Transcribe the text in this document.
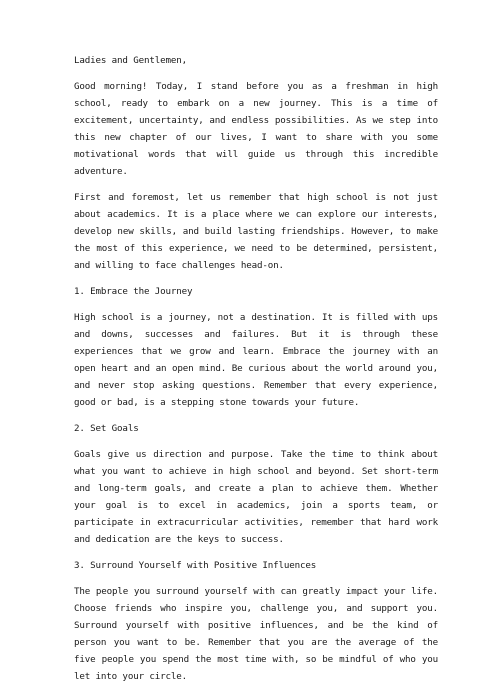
Ladies and Gentlemen,

Good morning! Today, I stand before you as a freshman in high school, ready to embark on a new journey. This is a time of excitement, uncertainty, and endless possibilities. As we step into this new chapter of our lives, I want to share with you some motivational words that will guide us through this incredible adventure.

First and foremost, let us remember that high school is not just about academics. It is a place where we can explore our interests, develop new skills, and build lasting friendships. However, to make the most of this experience, we need to be determined, persistent, and willing to face challenges head-on.

1. Embrace the Journey

High school is a journey, not a destination. It is filled with ups and downs, successes and failures. But it is through these experiences that we grow and learn. Embrace the journey with an open heart and an open mind. Be curious about the world around you, and never stop asking questions. Remember that every experience, good or bad, is a stepping stone towards your future.

2. Set Goals

Goals give us direction and purpose. Take the time to think about what you want to achieve in high school and beyond. Set short-term and long-term goals, and create a plan to achieve them. Whether your goal is to excel in academics, join a sports team, or participate in extracurricular activities, remember that hard work and dedication are the keys to success.

3. Surround Yourself with Positive Influences

The people you surround yourself with can greatly impact your life. Choose friends who inspire you, challenge you, and support you. Surround yourself with positive influences, and be the kind of person you want to be. Remember that you are the average of the five people you spend the most time with, so be mindful of who you let into your circle.
